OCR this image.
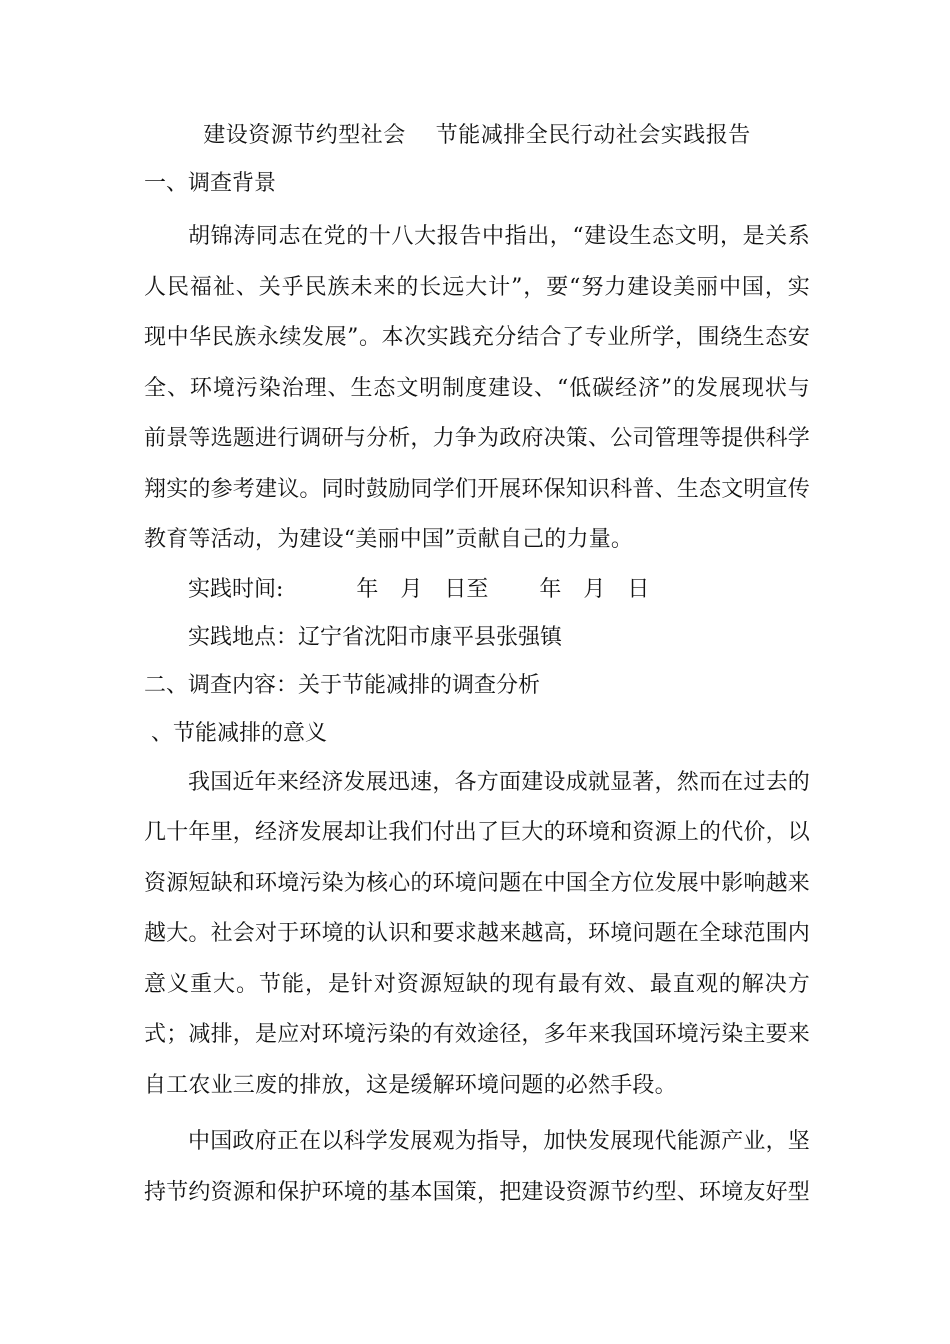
建设资源节约型社会　 节能减排全民行动社会实践报告
一、调查背景

胡锦涛同志在党的十八大报告中指出，“建设生态文明，是关系人民福祉、关乎民族未来的长远大计”，要“努力建设美丽中国，实现中华民族永续发展”。本次实践充分结合了专业所学，围绕生态安全、环境污染治理、生态文明制度建设、“低碳经济”的发展现状与前景等选题进行调研与分析，力争为政府决策、公司管理等提供科学翔实的参考建议。同时鼓励同学们开展环保知识科普、生态文明宣传教育等活动，为建设“美丽中国”贡献自己的力量。

实践时间:　　 　年　月　日至　　 年　月　日
实践地点：辽宁省沈阳市康平县张强镇
二、调查内容：关于节能减排的调查分析
、节能减排的意义

我国近年来经济发展迅速，各方面建设成就显著，然而在过去的几十年里，经济发展却让我们付出了巨大的环境和资源上的代价，以资源短缺和环境污染为核心的环境问题在中国全方位发展中影响越来越大。社会对于环境的认识和要求越来越高，环境问题在全球范围内意义重大。节能，是针对资源短缺的现有最有效、最直观的解决方式；减排，是应对环境污染的有效途径，多年来我国环境污染主要来自工农业三废的排放，这是缓解环境问题的必然手段。

中国政府正在以科学发展观为指导，加快发展现代能源产业，坚持节约资源和保护环境的基本国策，把建设资源节约型、环境友好型
